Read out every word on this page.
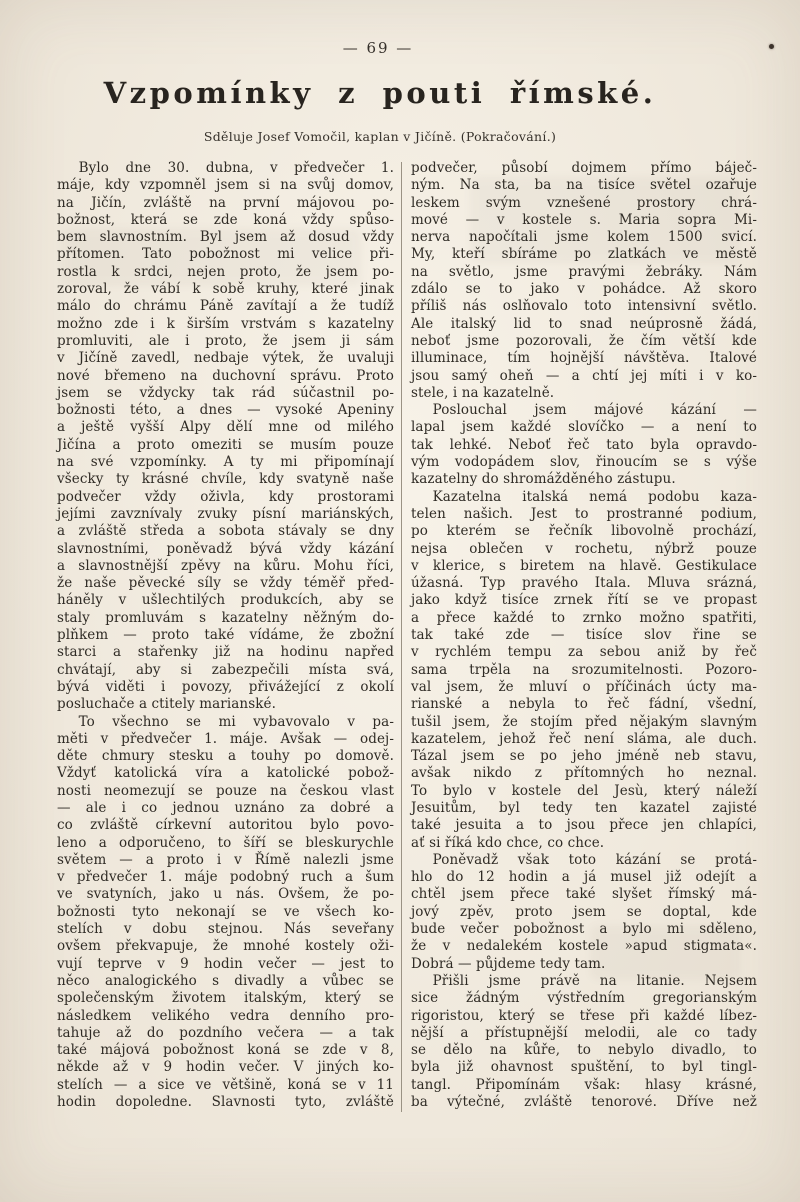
— 69 —
Vzpomínky z pouti římské.
Sděluje Josef Vomočil, kaplan v Jičíně. (Pokračování.)
Bylo dne 30. dubna, v předvečer 1.
máje, kdy vzpomněl jsem si na svůj domov,
na Jičín, zvláště na první májovou po-
božnost, která se zde koná vždy spůso-
bem slavnostním. Byl jsem až dosud vždy
přítomen. Tato pobožnost mi velice při-
rostla k srdci, nejen proto, že jsem po-
zoroval, že vábí k sobě kruhy, které jinak
málo do chrámu Páně zavítají a že tudíž
možno zde i k širším vrstvám s kazatelny
promluviti, ale i proto, že jsem ji sám
v Jičíně zavedl, nedbaje výtek, že uvaluji
nové břemeno na duchovní správu. Proto
jsem se vždycky tak rád súčastnil po-
božnosti této, a dnes — vysoké Apeniny
a ještě vyšší Alpy dělí mne od milého
Jičína a proto omeziti se musím pouze
na své vzpomínky. A ty mi připomínají
všecky ty krásné chvíle, kdy svatyně naše
podvečer vždy oživla, kdy prostorami
jejími zavznívaly zvuky písní mariánských,
a zvláště středa a sobota stávaly se dny
slavnostními, poněvadž bývá vždy kázání
a slavnostnější zpěvy na kůru. Mohu říci,
že naše pěvecké síly se vždy téměř před-
háněly v ušlechtilých produkcích, aby se
staly promluvám s kazatelny něžným do-
plňkem — proto také vídáme, že zbožní
starci a stařenky již na hodinu napřed
chvátají, aby si zabezpečili místa svá,
bývá viděti i povozy, přivážející z okolí
posluchače a ctitely marianské.
To všechno se mi vybavovalo v pa-
měti v předvečer 1. máje. Avšak — odej-
děte chmury stesku a touhy po domově.
Vždyť katolická víra a katolické pobož-
nosti neomezují se pouze na českou vlast
— ale i co jednou uznáno za dobré a
co zvláště církevní autoritou bylo povo-
leno a odporučeno, to šíří se bleskurychle
světem — a proto i v Římě nalezli jsme
v předvečer 1. máje podobný ruch a šum
ve svatyních, jako u nás. Ovšem, že po-
božnosti tyto nekonají se ve všech ko-
stelích v dobu stejnou. Nás seveřany
ovšem překvapuje, že mnohé kostely oži-
vují teprve v 9 hodin večer — jest to
něco analogického s divadly a vůbec se
společenským životem italským, který se
následkem velikého vedra denního pro-
tahuje až do pozdního večera — a tak
také májová pobožnost koná se zde v 8,
někde až v 9 hodin večer. V jiných ko-
stelích — a sice ve většině, koná se v 11
hodin dopoledne. Slavnosti tyto, zvláště
podvečer, působí dojmem přímo báječ-
ným. Na sta, ba na tisíce světel ozařuje
leskem svým vznešené prostory chrá-
mové — v kostele s. Maria sopra Mi-
nerva napočítali jsme kolem 1500 svicí.
My, kteří sbíráme po zlatkách ve městě
na světlo, jsme pravými žebráky. Nám
zdálo se to jako v pohádce. Až skoro
příliš nás oslňovalo toto intensivní světlo.
Ale italský lid to snad neúprosně žádá,
neboť jsme pozorovali, že čím větší kde
illuminace, tím hojnější návštěva. Italové
jsou samý oheň — a chtí jej míti i v ko-
stele, i na kazatelně.
Poslouchal jsem májové kázání —
lapal jsem každé slovíčko — a není to
tak lehké. Neboť řeč tato byla opravdo-
vým vodopádem slov, řinoucím se s výše
kazatelny do shromážděného zástupu.
Kazatelna italská nemá podobu kaza-
telen našich. Jest to prostranné podium,
po kterém se řečník libovolně prochází,
nejsa oblečen v rochetu, nýbrž pouze
v klerice, s biretem na hlavě. Gestikulace
úžasná. Typ pravého Itala. Mluva srázná,
jako když tisíce zrnek řítí se ve propast
a přece každé to zrnko možno spatřiti,
tak také zde — tisíce slov řine se
v rychlém tempu za sebou aniž by řeč
sama trpěla na srozumitelnosti. Pozoro-
val jsem, že mluví o příčinách úcty ma-
rianské a nebyla to řeč fádní, všední,
tušil jsem, že stojím před nějakým slavným
kazatelem, jehož řeč není sláma, ale duch.
Tázal jsem se po jeho jméně neb stavu,
avšak nikdo z přítomných ho neznal.
To bylo v kostele del Jesù, který náleží
Jesuitům, byl tedy ten kazatel zajisté
také jesuita a to jsou přece jen chlapíci,
ať si říká kdo chce, co chce.
Poněvadž však toto kázání se protá-
hlo do 12 hodin a já musel již odejít a
chtěl jsem přece také slyšet římský má-
jový zpěv, proto jsem se doptal, kde
bude večer pobožnost a bylo mi sděleno,
že v nedalekém kostele »apud stigmata«.
Dobrá — půjdeme tedy tam.
Přišli jsme právě na litanie. Nejsem
sice žádným výstředním gregorianským
rigoristou, který se třese při každé líbez-
nější a přístupnější melodii, ale co tady
se dělo na kůře, to nebylo divadlo, to
byla již ohavnost spuštění, to byl tingl-
tangl. Připomínám však: hlasy krásné,
ba výtečné, zvláště tenorové. Dříve než
